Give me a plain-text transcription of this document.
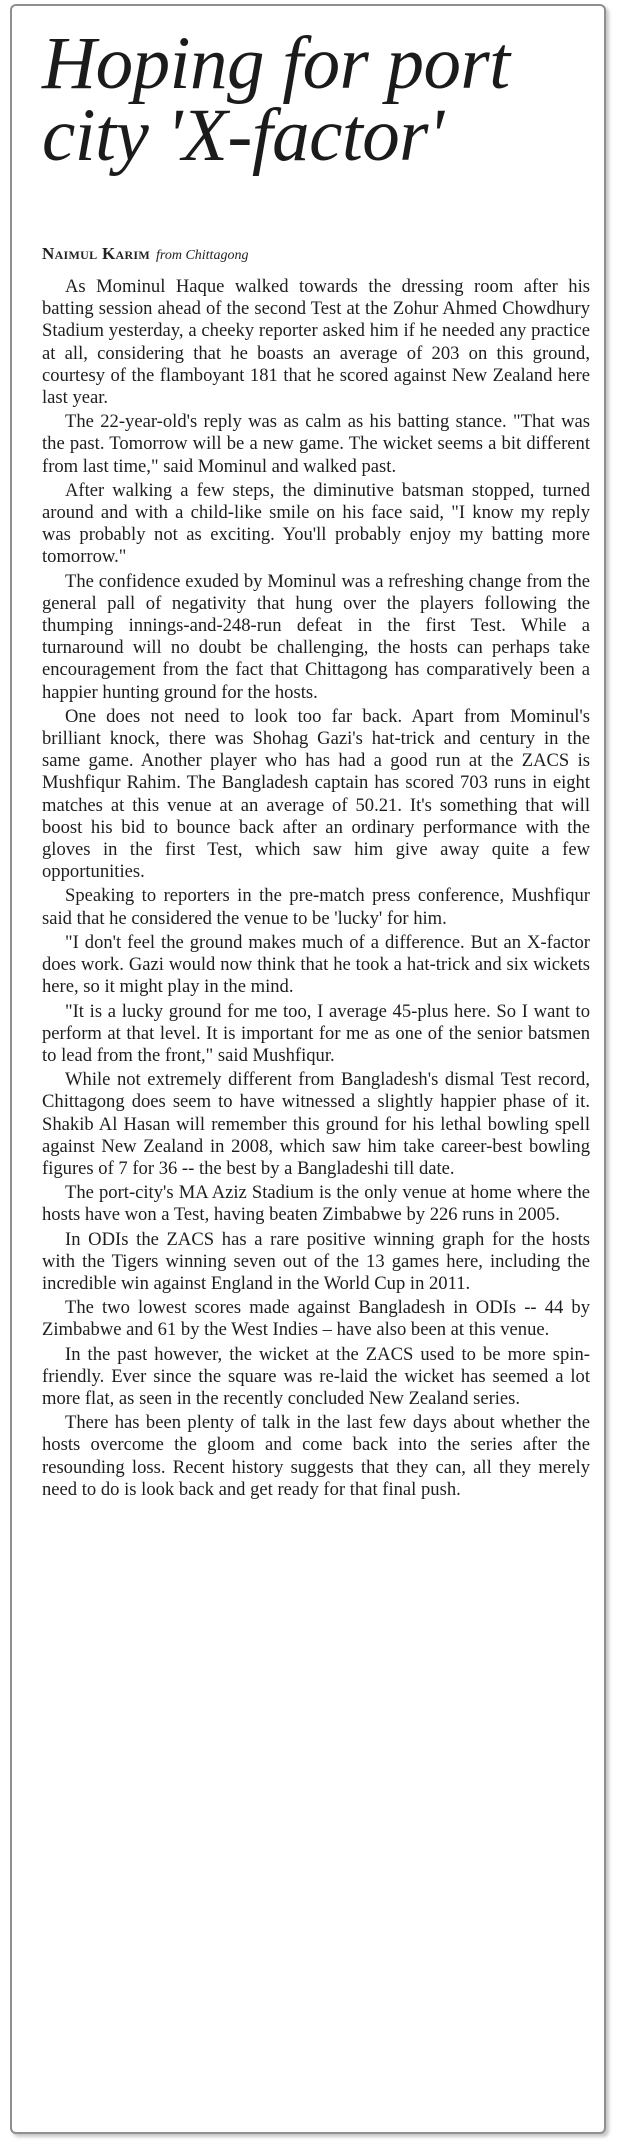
Hoping for port city 'X-factor'
Naimul Karim from Chittagong

As Mominul Haque walked towards the dressing room after his batting session ahead of the second Test at the Zohur Ahmed Chowdhury Stadium yesterday, a cheeky reporter asked him if he needed any practice at all, considering that he boasts an average of 203 on this ground, courtesy of the flamboyant 181 that he scored against New Zealand here last year.

The 22-year-old's reply was as calm as his batting stance. "That was the past. Tomorrow will be a new game. The wicket seems a bit different from last time," said Mominul and walked past.

After walking a few steps, the diminutive batsman stopped, turned around and with a child-like smile on his face said, "I know my reply was probably not as exciting. You'll probably enjoy my batting more tomorrow."

The confidence exuded by Mominul was a refreshing change from the general pall of negativity that hung over the players following the thumping innings-and-248-run defeat in the first Test. While a turnaround will no doubt be challenging, the hosts can perhaps take encouragement from the fact that Chittagong has comparatively been a happier hunting ground for the hosts.

One does not need to look too far back. Apart from Mominul's brilliant knock, there was Shohag Gazi's hat-trick and century in the same game. Another player who has had a good run at the ZACS is Mushfiqur Rahim. The Bangladesh captain has scored 703 runs in eight matches at this venue at an average of 50.21. It's something that will boost his bid to bounce back after an ordinary performance with the gloves in the first Test, which saw him give away quite a few opportunities.

Speaking to reporters in the pre-match press conference, Mushfiqur said that he considered the venue to be 'lucky' for him.

"I don't feel the ground makes much of a difference. But an X-factor does work. Gazi would now think that he took a hat-trick and six wickets here, so it might play in the mind.

"It is a lucky ground for me too, I average 45-plus here. So I want to perform at that level. It is important for me as one of the senior batsmen to lead from the front," said Mushfiqur.

While not extremely different from Bangladesh's dismal Test record, Chittagong does seem to have witnessed a slightly happier phase of it. Shakib Al Hasan will remember this ground for his lethal bowling spell against New Zealand in 2008, which saw him take career-best bowling figures of 7 for 36 -- the best by a Bangladeshi till date.

The port-city's MA Aziz Stadium is the only venue at home where the hosts have won a Test, having beaten Zimbabwe by 226 runs in 2005.

In ODIs the ZACS has a rare positive winning graph for the hosts with the Tigers winning seven out of the 13 games here, including the incredible win against England in the World Cup in 2011.

The two lowest scores made against Bangladesh in ODIs -- 44 by Zimbabwe and 61 by the West Indies – have also been at this venue.

In the past however, the wicket at the ZACS used to be more spin-friendly. Ever since the square was re-laid the wicket has seemed a lot more flat, as seen in the recently concluded New Zealand series.

There has been plenty of talk in the last few days about whether the hosts overcome the gloom and come back into the series after the resounding loss. Recent history suggests that they can, all they merely need to do is look back and get ready for that final push.
